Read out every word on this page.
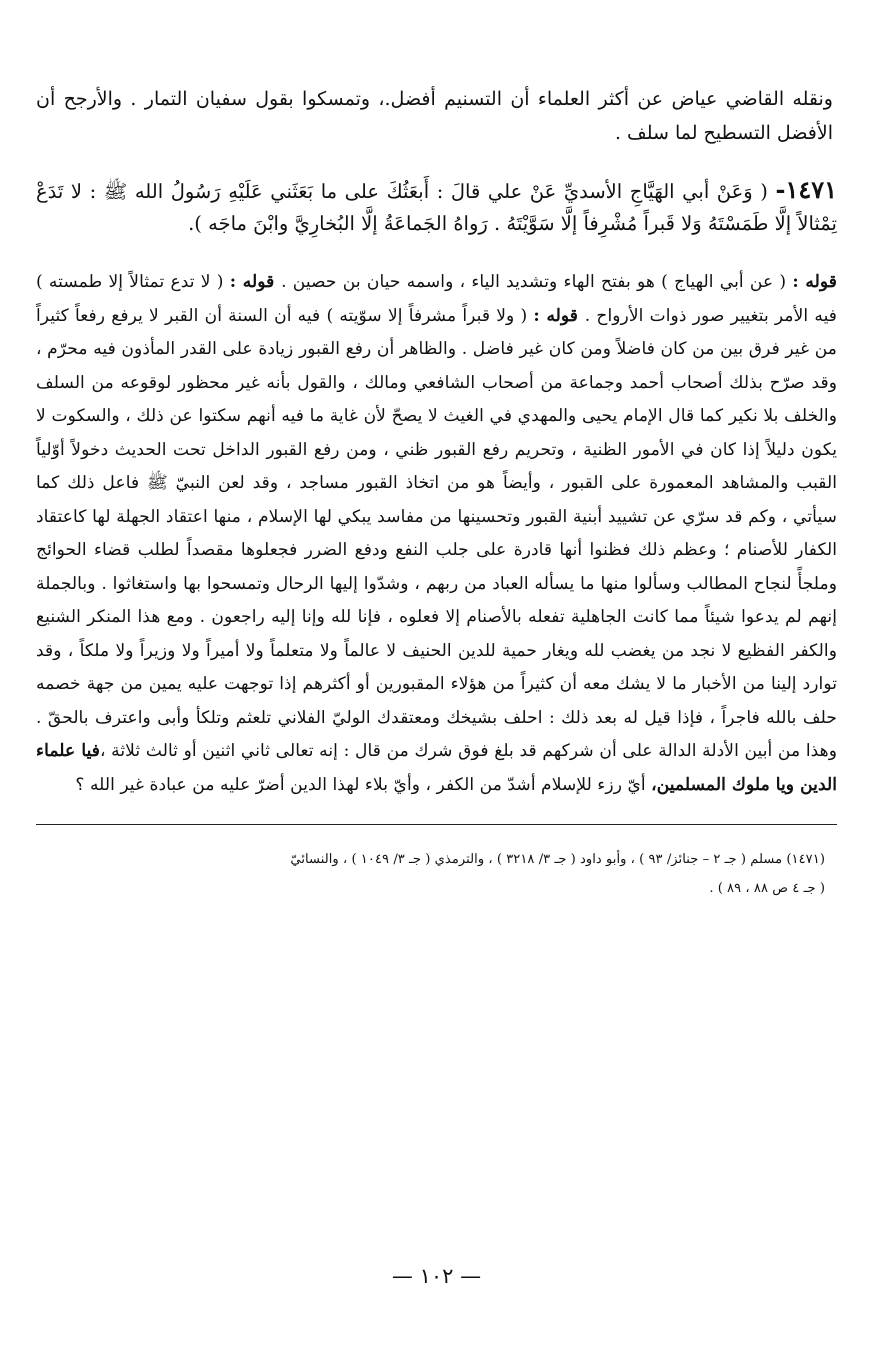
ونقله القاضي عياض عن أكثر العلماء أن التسنيم أفضل.، وتمسكوا بقول سفيان التمار . والأرجح أن الأفضل التسطيح لما سلف .

١٤٧١- ( وَعَنْ أبي الهَيَّاجِ الأسديِّ عَنْ علي قالَ : أَبعَثُكَ على ما بَعَثَني عَلَيْهِ رَسُولُ الله ﷺ : لا تَدَعْ تِمْثالاً إلَّا طَمَسْتَهُ وَلا قَبراً مُشْرِفاً إلَّا سَوَّيْتَهُ . رَواهُ الجَماعَةُ إلَّا البُخارِيَّ وابْنَ ماجَه ).

قوله : ( عن أبي الهياج ) هو بفتح الهاء وتشديد الياء ، واسمه حيان بن حصين . قوله : ( لا تدع تمثالاً إلا طمسته ) فيه الأمر بتغيير صور ذوات الأرواح . قوله : ( ولا قبراً مشرفاً إلا سوّيته ) فيه أن السنة أن القبر لا يرفع رفعاً كثيراً من غير فرق بين من كان فاضلاً ومن كان غير فاضل . والظاهر أن رفع القبور زيادة على القدر المأذون فيه محرّم ، وقد صرّح بذلك أصحاب أحمد وجماعة من أصحاب الشافعي ومالك ، والقول بأنه غير محظور لوقوعه من السلف والخلف بلا نكير كما قال الإمام يحيى والمهدي في الغيث لا يصحّ لأن غاية ما فيه أنهم سكتوا عن ذلك ، والسكوت لا يكون دليلاً إذا كان في الأمور الظنية ، وتحريم رفع القبور ظني ، ومن رفع القبور الداخل تحت الحديث دخولاً أوّلياً القبب والمشاهد المعمورة على القبور ، وأيضاً هو من اتخاذ القبور مساجد ، وقد لعن النبيّ ﷺ فاعل ذلك كما سيأتي ، وكم قد سرّي عن تشييد أبنية القبور وتحسينها من مفاسد يبكي لها الإسلام ، منها اعتقاد الجهلة لها كاعتقاد الكفار للأصنام ؛ وعظم ذلك فظنوا أنها قادرة على جلب النفع ودفع الضرر فجعلوها مقصداً لطلب قضاء الحوائج وملجأً لنجاح المطالب وسألوا منها ما يسأله العباد من ربهم ، وشدّوا إليها الرحال وتمسحوا بها واستغاثوا . وبالجملة إنهم لم يدعوا شيئاً مما كانت الجاهلية تفعله بالأصنام إلا فعلوه ، فإنا لله وإنا إليه راجعون . ومع هذا المنكر الشنيع والكفر الفظيع لا نجد من يغضب لله ويغار حمية للدين الحنيف لا عالماً ولا متعلماً ولا أميراً ولا وزيراً ولا ملكاً ، وقد توارد إلينا من الأخبار ما لا يشك معه أن كثيراً من هؤلاء المقبورين أو أكثرهم إذا توجهت عليه يمين من جهة خصمه حلف بالله فاجراً ، فإذا قيل له بعد ذلك : احلف بشيخك ومعتقدك الوليّ الفلاني تلعثم وتلكأ وأبى واعترف بالحقّ . وهذا من أبين الأدلة الدالة على أن شركهم قد بلغ فوق شرك من قال : إنه تعالى ثاني اثنين أو ثالث ثلاثة ،فيا علماء الدين ويا ملوك المسلمين، أيّ رزء للإسلام أشدّ من الكفر ، وأيّ بلاء لهذا الدين أضرّ عليه من عبادة غير الله ؟

(١٤٧١) مسلم ( جـ ٢ – جنائز/ ٩٣ ) ، وأبو داود ( جـ ٣/ ٣٢١٨ ) ، والترمذي ( جـ ٣/ ١٠٤٩ ) ، والنسائيّ
( جـ ٤ ص ٨٨ ، ٨٩ ) .
— ١٠٢ —
